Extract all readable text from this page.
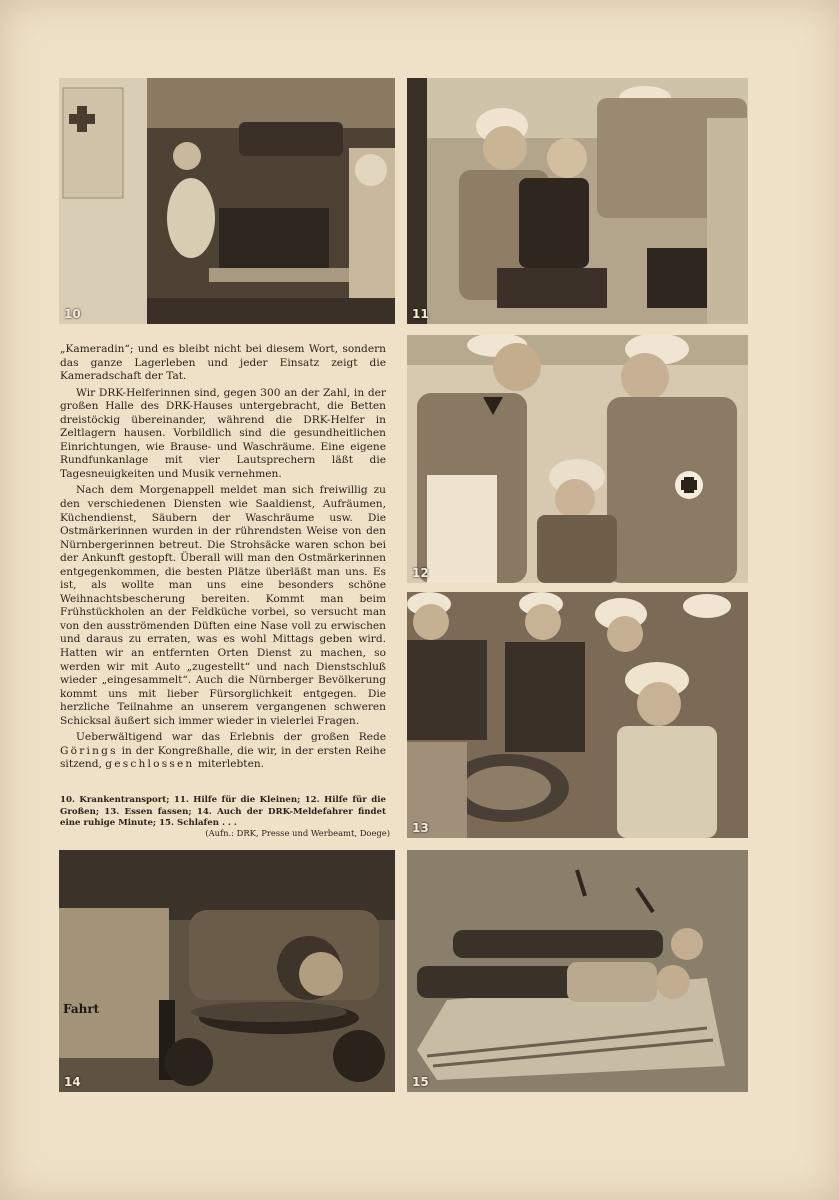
10	11
12
13
Fahrt
14	15

„Kameradin“; und es bleibt nicht bei diesem Wort, sondern das ganze Lagerleben und jeder Einsatz zeigt die Kameradschaft der Tat.

Wir DRK-Helferinnen sind, gegen 300 an der Zahl, in der großen Halle des DRK-Hauses untergebracht, die Betten dreistöckig übereinander, während die DRK-Helfer in Zeltlagern hausen. Vorbildlich sind die gesundheitlichen Einrichtungen, wie Brause- und Waschräume. Eine eigene Rundfunkanlage mit vier Lautsprechern läßt die Tagesneuigkeiten und Musik vernehmen.

Nach dem Morgenappell meldet man sich freiwillig zu den verschiedenen Diensten wie Saaldienst, Aufräumen, Küchendienst, Säubern der Waschräume usw. Die Ostmärkerinnen wurden in der rührendsten Weise von den Nürnbergerinnen betreut. Die Strohsäcke waren schon bei der Ankunft gestopft. Überall will man den Ostmärkerinnen entgegenkommen, die besten Plätze überläßt man uns. Es ist, als wollte man uns eine besonders schöne Weihnachtsbescherung bereiten. Kommt man beim Frühstückholen an der Feldküche vorbei, so versucht man von den ausströmenden Düften eine Nase voll zu erwischen und daraus zu erraten, was es wohl Mittags geben wird. Hatten wir an entfernten Orten Dienst zu machen, so werden wir mit Auto „zugestellt“ und nach Dienstschluß wieder „eingesammelt“. Auch die Nürnberger Bevölkerung kommt uns mit lieber Fürsorglichkeit entgegen. Die herzliche Teilnahme an unserem vergangenen schweren Schicksal äußert sich immer wieder in vielerlei Fragen.

Ueberwältigend war das Erlebnis der großen Rede Görings in der Kongreßhalle, die wir, in der ersten Reihe sitzend, geschlossen miterlebten.

10. Krankentransport; 11. Hilfe für die Kleinen; 12. Hilfe für die Großen; 13. Essen fassen; 14. Auch der DRK-Meldefahrer findet eine ruhige Minute; 15. Schlafen . . .
(Aufn.: DRK, Presse und Werbeamt, Doege)
